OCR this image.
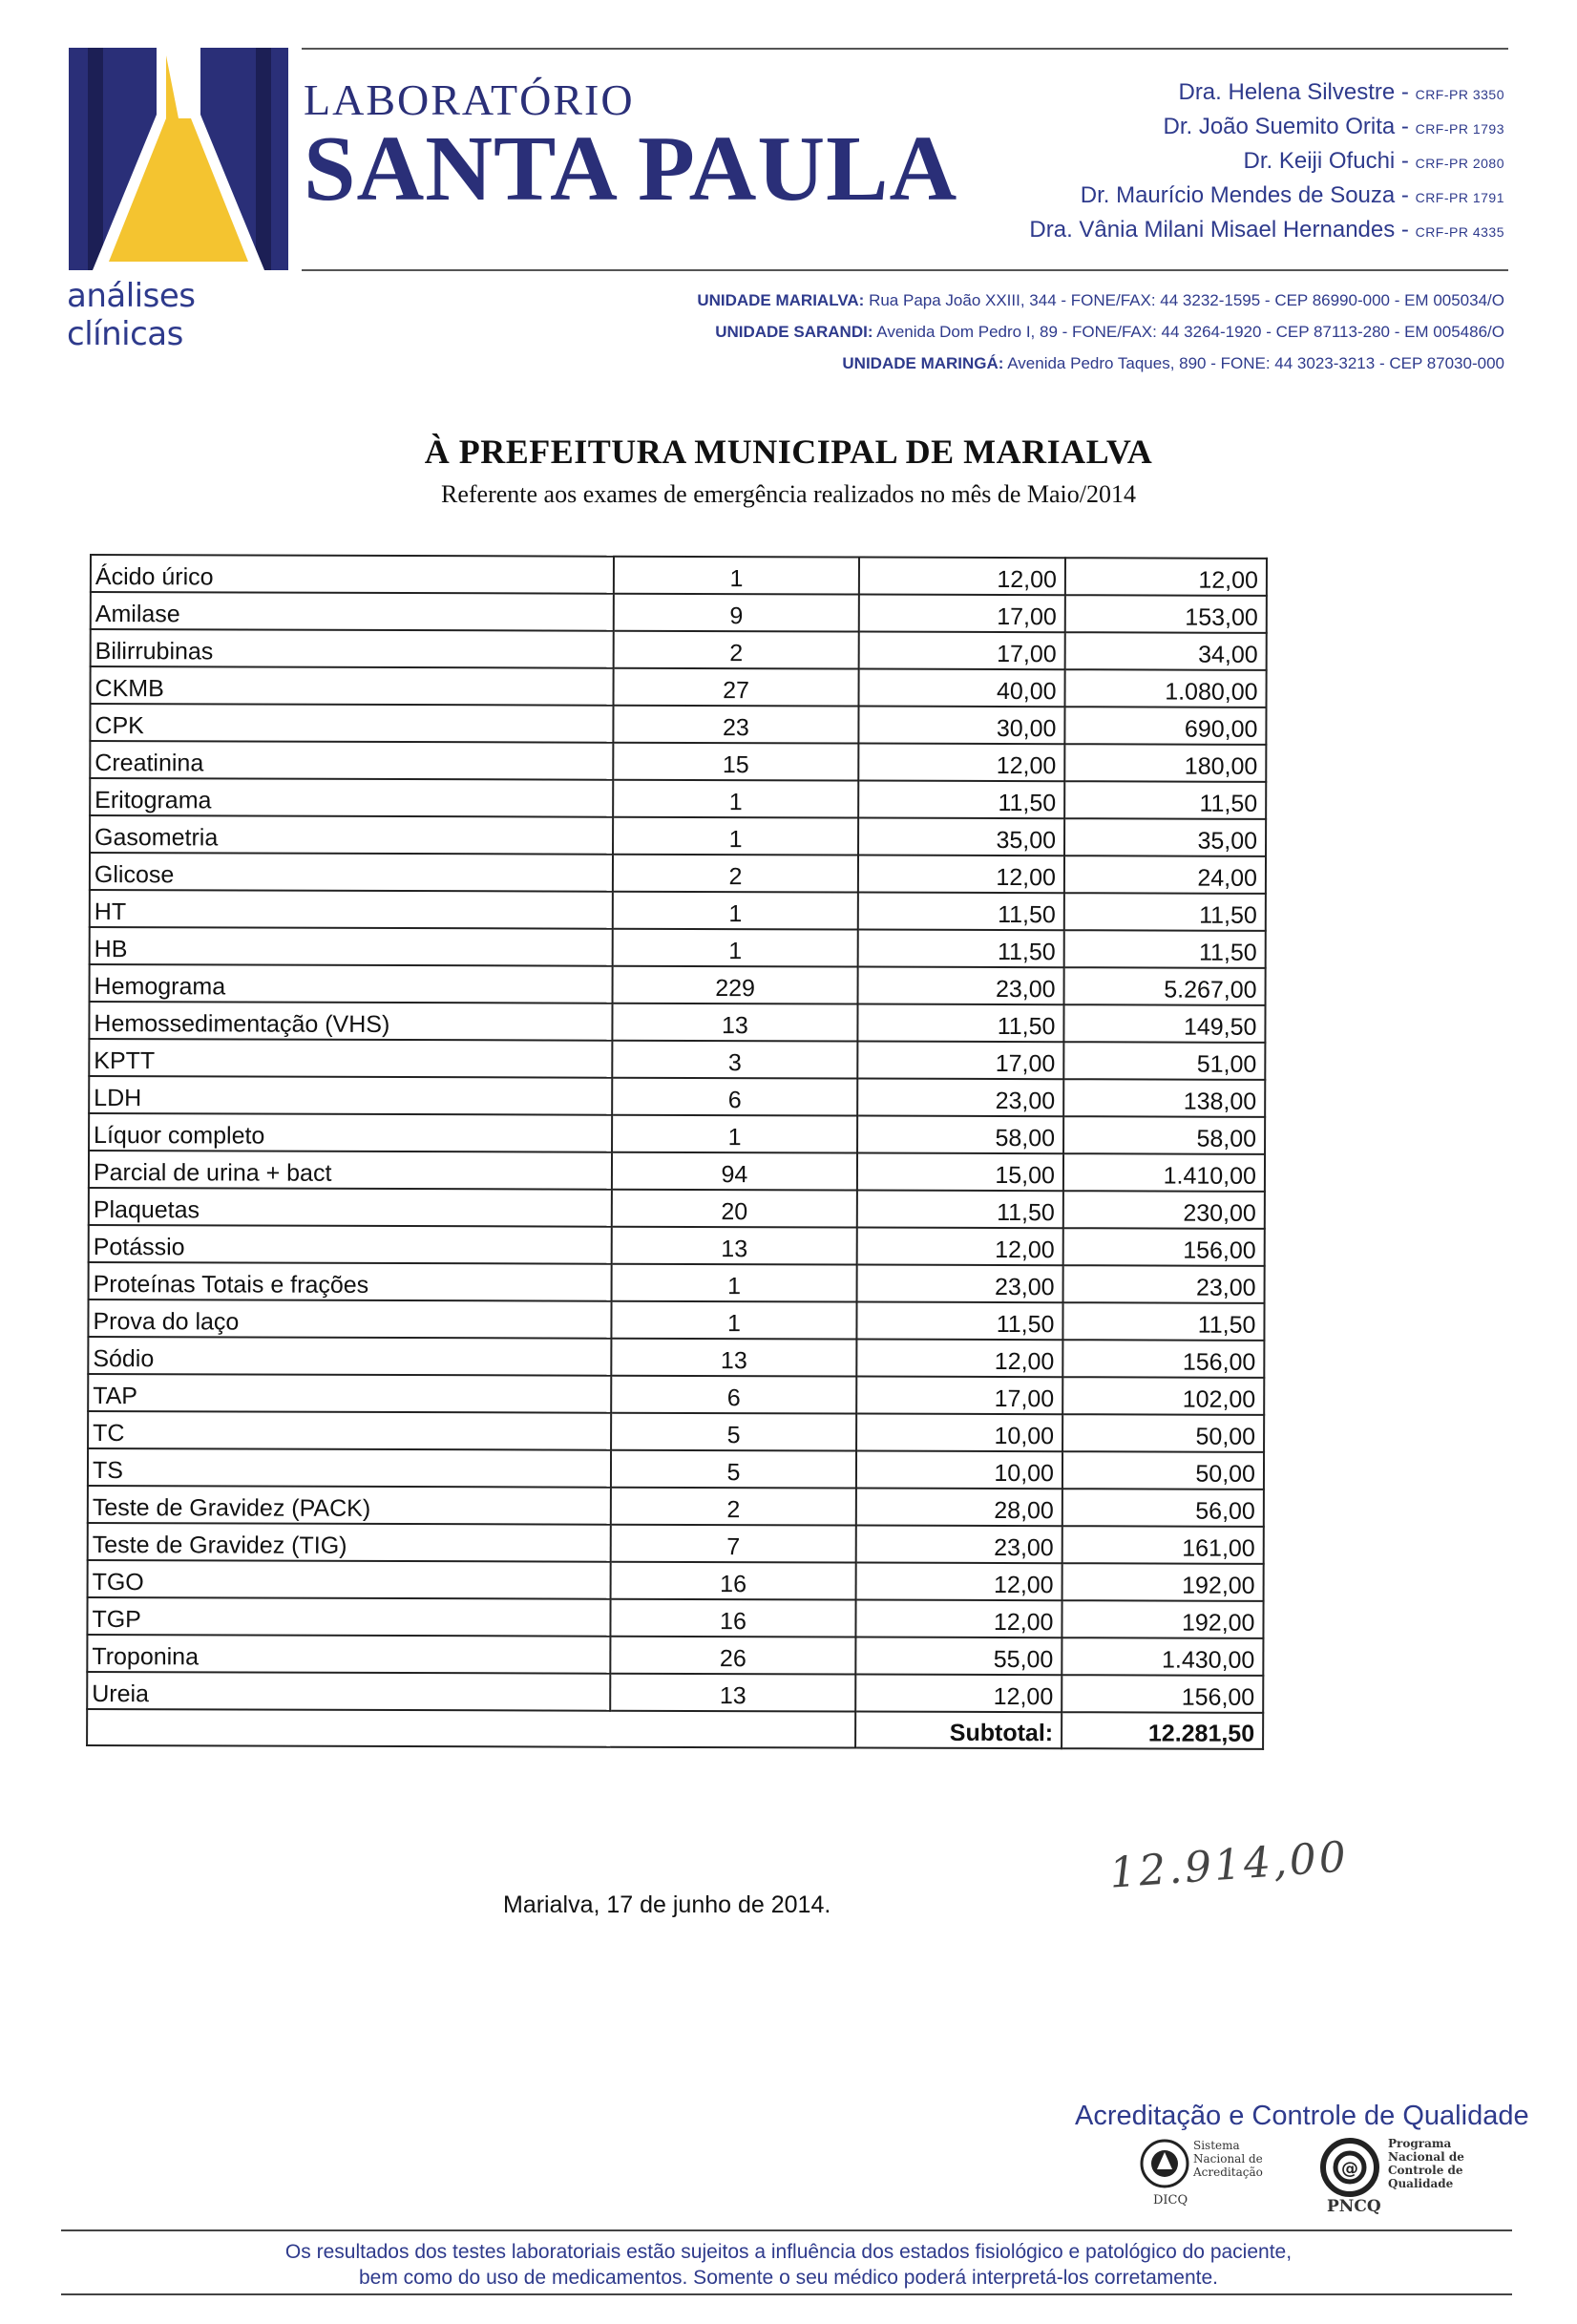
análises clínicas
LABORATÓRIO
SANTA PAULA
Dra. Helena Silvestre - CRF-PR 3350
Dr. João Suemito Orita - CRF-PR 1793
Dr. Keiji Ofuchi - CRF-PR 2080
Dr. Maurício Mendes de Souza - CRF-PR 1791
Dra. Vânia Milani Misael Hernandes - CRF-PR 4335
UNIDADE MARIALVA: Rua Papa João XXIII, 344 - FONE/FAX: 44 3232-1595 - CEP 86990-000 - EM 005034/O
UNIDADE SARANDI: Avenida Dom Pedro I, 89 - FONE/FAX: 44 3264-1920 - CEP 87113-280 - EM 005486/O
UNIDADE MARINGÁ: Avenida Pedro Taques, 890 - FONE: 44 3023-3213 - CEP 87030-000
À PREFEITURA MUNICIPAL DE MARIALVA
Referente aos exames de emergência realizados no mês de Maio/2014
Ácido úrico	1	12,00	12,00
Amilase	9	17,00	153,00
Bilirrubinas	2	17,00	34,00
CKMB	27	40,00	1.080,00
CPK	23	30,00	690,00
Creatinina	15	12,00	180,00
Eritograma	1	11,50	11,50
Gasometria	1	35,00	35,00
Glicose	2	12,00	24,00
HT	1	11,50	11,50
HB	1	11,50	11,50
Hemograma	229	23,00	5.267,00
Hemossedimentação (VHS)	13	11,50	149,50
KPTT	3	17,00	51,00
LDH	6	23,00	138,00
Líquor completo	1	58,00	58,00
Parcial de urina + bact	94	15,00	1.410,00
Plaquetas	20	11,50	230,00
Potássio	13	12,00	156,00
Proteínas Totais e frações	1	23,00	23,00
Prova do laço	1	11,50	11,50
Sódio	13	12,00	156,00
TAP	6	17,00	102,00
TC	5	10,00	50,00
TS	5	10,00	50,00
Teste de Gravidez (PACK)	2	28,00	56,00
Teste de Gravidez (TIG)	7	23,00	161,00
TGO	16	12,00	192,00
TGP	16	12,00	192,00
Troponina	26	55,00	1.430,00
Ureia	13	12,00	156,00
		Subtotal:	12.281,50
Marialva, 17 de junho de 2014.
12.914,00
Acreditação e Controle de Qualidade
Sistema
Nacional de
Acreditação
DICQ
@
Programa
Nacional de
Controle de
Qualidade
PNCQ
Os resultados dos testes laboratoriais estão sujeitos a influência dos estados fisiológico e patológico do paciente,
bem como do uso de medicamentos. Somente o seu médico poderá interpretá-los corretamente.
